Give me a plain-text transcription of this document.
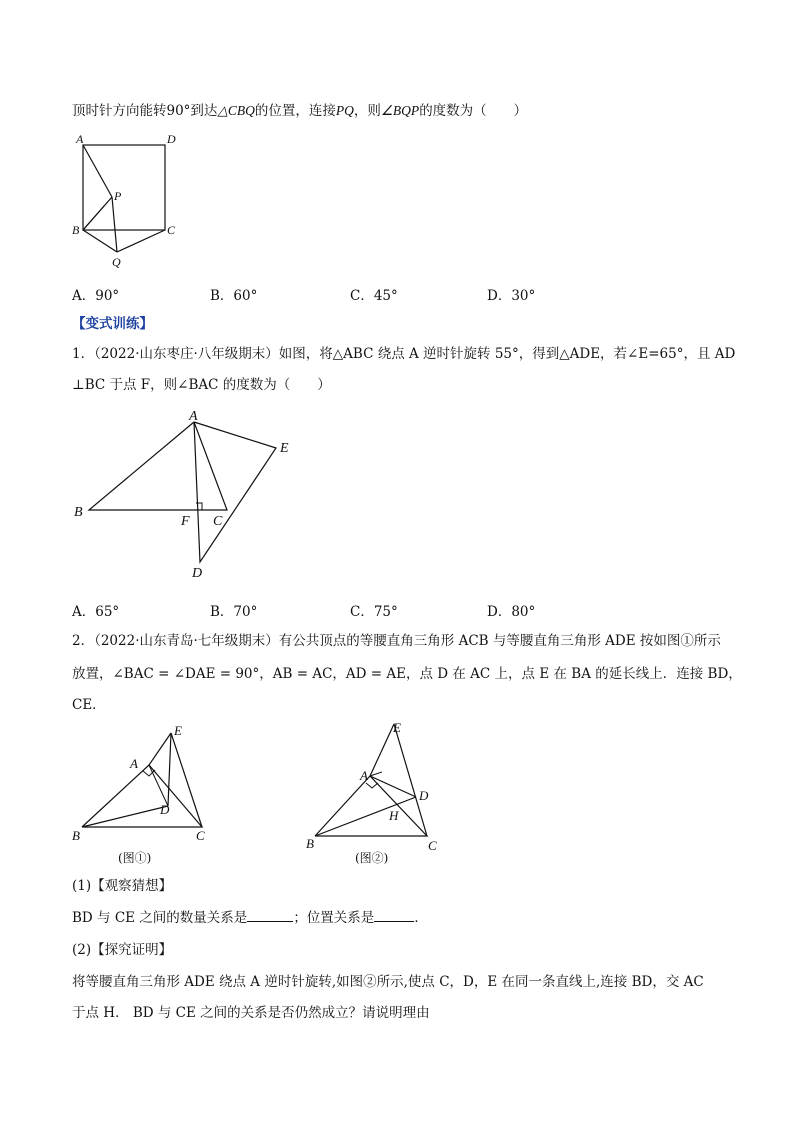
顶时针方向能转90°到达△CBQ的位置，连接PQ，则∠BQP的度数为（　　）
A	D
P
B	C
Q
A．90°	B．60°	C．45°	D．30°
【变式训练】
1．（2022·山东枣庄·八年级期末）如图，将△ABC 绕点 A 逆时针旋转 55°，得到△ADE，若∠E=65°，且 AD
⊥BC 于点 F，则∠BAC 的度数为（　　）
A
E
B
F C
D
A．65°	B．70°	C．75°	D．80°
2．（2022·山东青岛·七年级期末）有公共顶点的等腰直角三角形 ACB 与等腰直角三角形 ADE 按如图①所示
放置，∠BAC = ∠DAE = 90°，AB = AC，AD = AE，点 D 在 AC 上，点 E 在 BA 的延长线上．连接 BD，
CE．
E
A
D
B	C
(图①)
E
A
D
H
B	C
(图②)
(1)【观察猜想】
BD 与 CE 之间的数量关系是	；位置关系是	．
(2)【探究证明】
将等腰直角三角形 ADE 绕点 A 逆时针旋转,如图②所示,使点 C，D，E 在同一条直线上,连接 BD，交 AC
于点 H． BD 与 CE 之间的关系是否仍然成立？请说明理由
